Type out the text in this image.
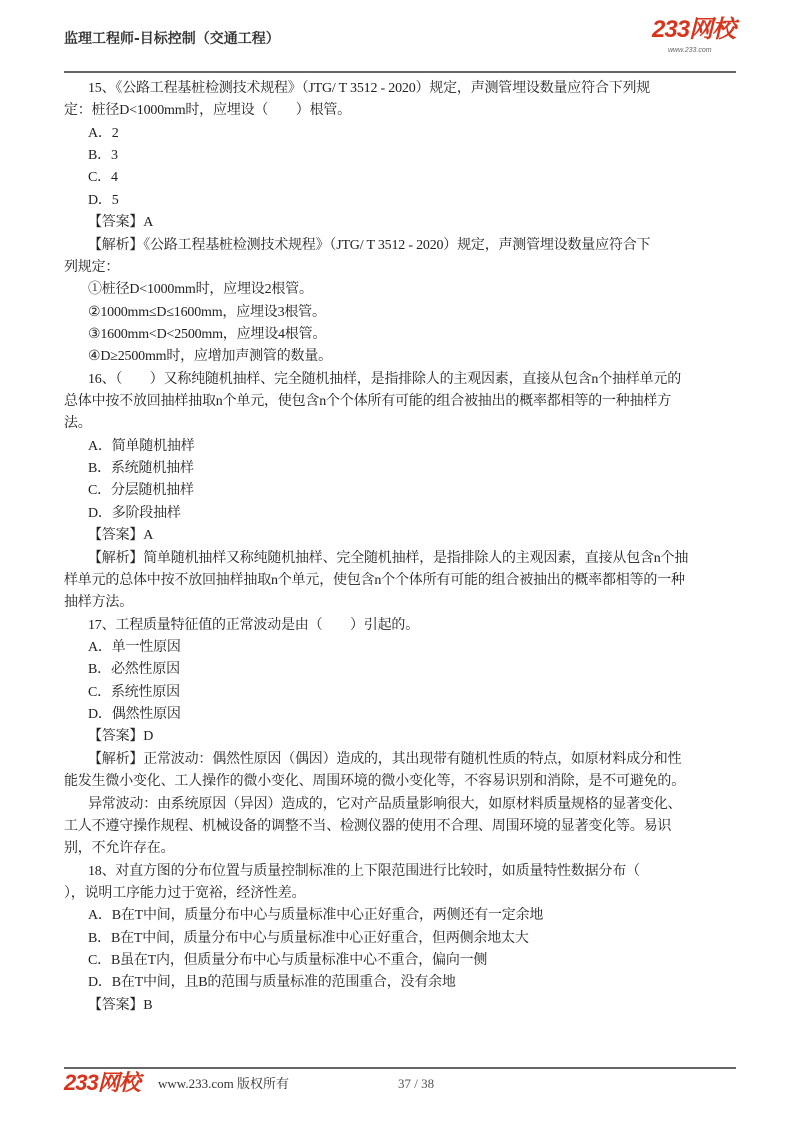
监理工程师-目标控制（交通工程）	233网校
www.233.com
15、《公路工程基桩检测技术规程》（JTG/ T 3512 - 2020）规定，声测管埋设数量应符合下列规
定：桩径D<1000mm时，应埋设（　　）根管。
A．2
B．3
C．4
D．5
【答案】A
【解析】《公路工程基桩检测技术规程》（JTG/ T 3512 - 2020）规定，声测管埋设数量应符合下
列规定：
①桩径D<1000mm时，应埋设2根管。
②1000mm≤D≤1600mm，应埋设3根管。
③1600mm<D<2500mm，应埋设4根管。
④D≥2500mm时，应增加声测管的数量。
16、（　　）又称纯随机抽样、完全随机抽样，是指排除人的主观因素，直接从包含n个抽样单元的
总体中按不放回抽样抽取n个单元，使包含n个个体所有可能的组合被抽出的概率都相等的一种抽样方
法。
A．简单随机抽样
B．系统随机抽样
C．分层随机抽样
D．多阶段抽样
【答案】A
【解析】简单随机抽样又称纯随机抽样、完全随机抽样，是指排除人的主观因素，直接从包含n个抽
样单元的总体中按不放回抽样抽取n个单元，使包含n个个体所有可能的组合被抽出的概率都相等的一种
抽样方法。
17、工程质量特征值的正常波动是由（　　）引起的。
A．单一性原因
B．必然性原因
C．系统性原因
D．偶然性原因
【答案】D
【解析】正常波动：偶然性原因（偶因）造成的，其出现带有随机性质的特点，如原材料成分和性
能发生微小变化、工人操作的微小变化、周围环境的微小变化等，不容易识别和消除，是不可避免的。
异常波动：由系统原因（异因）造成的，它对产品质量影响很大，如原材料质量规格的显著变化、
工人不遵守操作规程、机械设备的调整不当、检测仪器的使用不合理、周围环境的显著变化等。易识
别，不允许存在。
18、对直方图的分布位置与质量控制标准的上下限范围进行比较时，如质量特性数据分布（
），说明工序能力过于宽裕，经济性差。
A．B在T中间，质量分布中心与质量标准中心正好重合，两侧还有一定余地
B．B在T中间，质量分布中心与质量标准中心正好重合，但两侧余地太大
C．B虽在T内，但质量分布中心与质量标准中心不重合，偏向一侧
D．B在T中间，且B的范围与质量标准的范围重合，没有余地
【答案】B
233网校 www.233.com 版权所有	37 / 38
